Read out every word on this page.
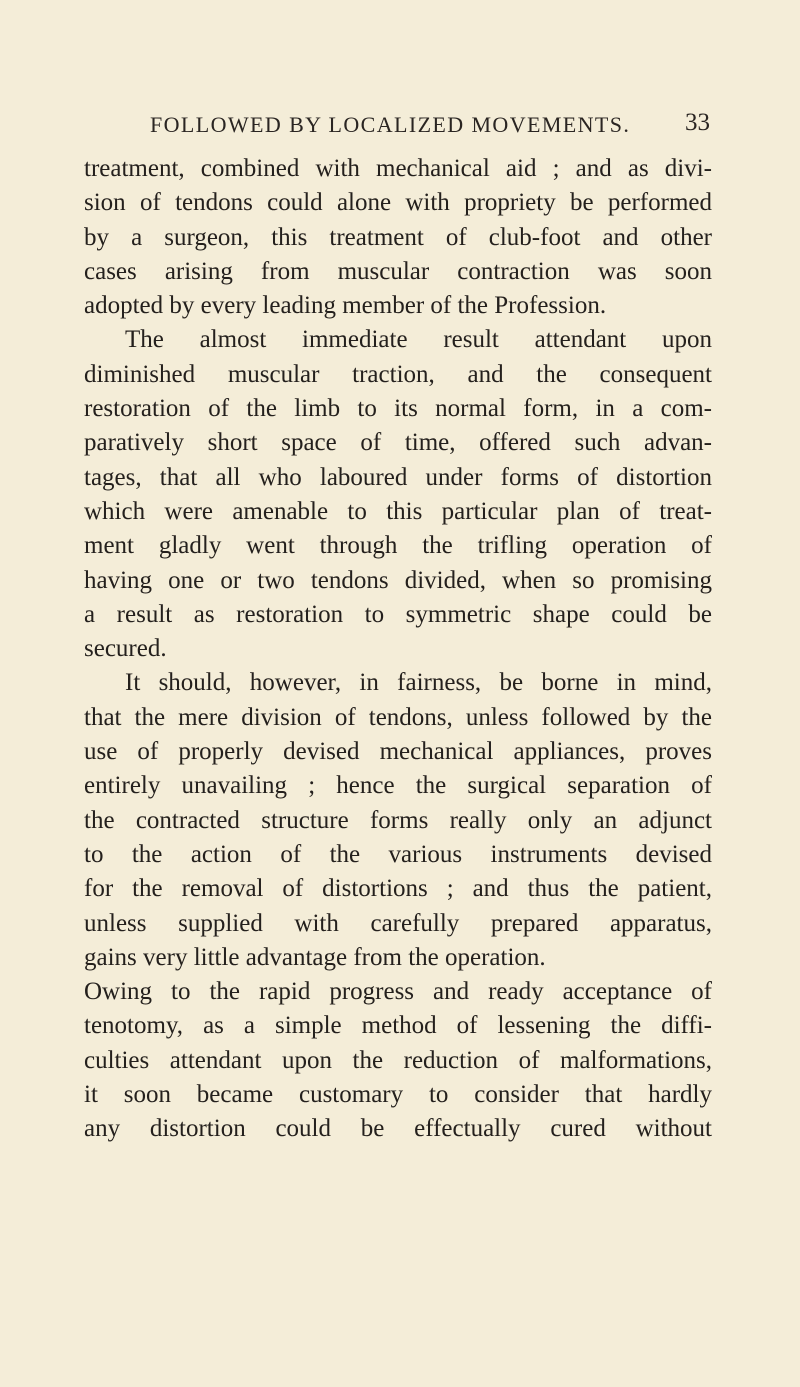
FOLLOWED BY LOCALIZED MOVEMENTS. 33
treatment, combined with mechanical aid ; and as divi-
sion of tendons could alone with propriety be performed
by a surgeon, this treatment of club-foot and other
cases arising from muscular contraction was soon
adopted by every leading member of the Profession.
The almost immediate result attendant upon
diminished muscular traction, and the consequent
restoration of the limb to its normal form, in a com-
paratively short space of time, offered such advan-
tages, that all who laboured under forms of distortion
which were amenable to this particular plan of treat-
ment gladly went through the trifling operation of
having one or two tendons divided, when so promising
a result as restoration to symmetric shape could be
secured.
It should, however, in fairness, be borne in mind,
that the mere division of tendons, unless followed by the
use of properly devised mechanical appliances, proves
entirely unavailing ; hence the surgical separation of
the contracted structure forms really only an adjunct
to the action of the various instruments devised
for the removal of distortions ; and thus the patient,
unless supplied with carefully prepared apparatus,
gains very little advantage from the operation.
Owing to the rapid progress and ready acceptance of
tenotomy, as a simple method of lessening the diffi-
culties attendant upon the reduction of malformations,
it soon became customary to consider that hardly
any distortion could be effectually cured without
